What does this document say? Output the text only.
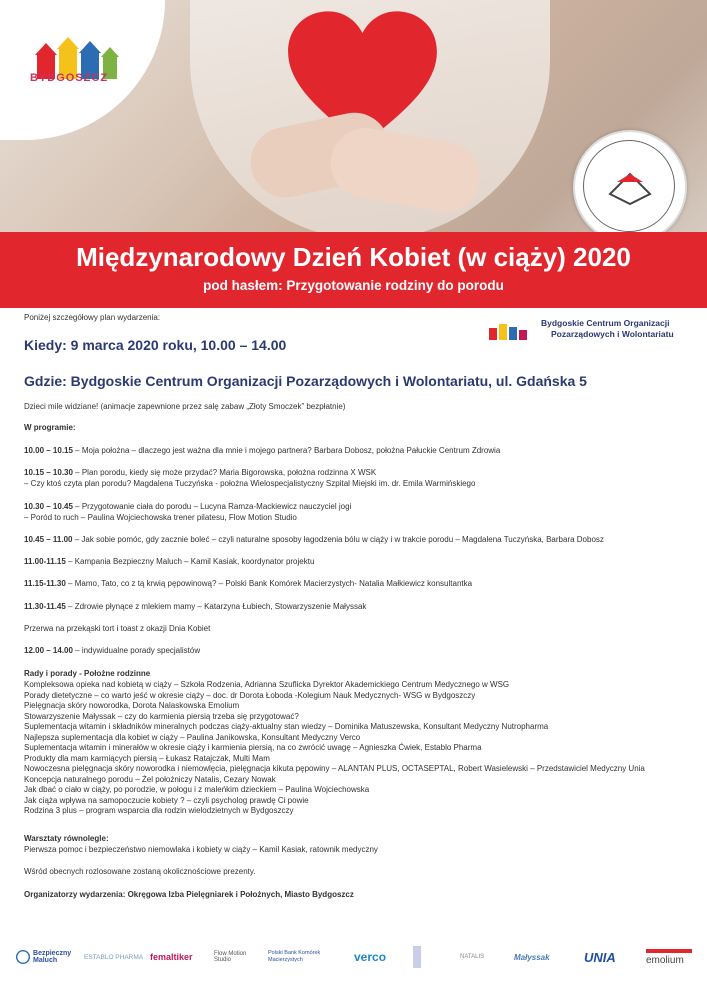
BYDGOSZCZ
Międzynarodowy Dzień Kobiet (w ciąży) 2020
pod hasłem: Przygotowanie rodziny do porodu
Bydgoskie Centrum Organizacji
Pozarządowych i Wolontariatu
Poniżej szczegółowy plan wydarzenia:
Kiedy: 9 marca 2020 roku, 10.00 – 14.00
Gdzie: Bydgoskie Centrum Organizacji Pozarządowych i Wolontariatu, ul. Gdańska 5
Dzieci mile widziane! (animacje zapewnione przez salę zabaw „Złoty Smoczek” bezpłatnie)
W programie:
10.00 – 10.15 – Moja położna – dlaczego jest ważna dla mnie i mojego partnera? Barbara Dobosz, położna Pałuckie Centrum Zdrowia
10.15 – 10.30 – Plan porodu, kiedy się może przydać? Maria Bigorowska, położna rodzinna X WSK
– Czy ktoś czyta plan porodu? Magdalena Tuczyńska - położna Wielospecjalistyczny Szpital Miejski im. dr. Emila Warmińskiego
10.30 – 10.45 – Przygotowanie ciała do porodu – Lucyna Ramza-Mackiewicz nauczyciel jogi
– Poród to ruch – Paulina Wojciechowska trener pilatesu, Flow Motion Studio
10.45 – 11.00 – Jak sobie pomóc, gdy zacznie boleć – czyli naturalne sposoby łagodzenia bólu w ciąży i w trakcie porodu – Magdalena Tuczyńska, Barbara Dobosz
11.00-11.15 – Kampania Bezpieczny Maluch – Kamil Kasiak, koordynator projektu
11.15-11.30 – Mamo, Tato, co z tą krwią pępowinową? – Polski Bank Komórek Macierzystych- Natalia Małkiewicz konsultantka
11.30-11.45 – Zdrowie płynące z mlekiem mamy – Katarzyna Łubiech, Stowarzyszenie Małyssak
Przerwa na przekąski tort i toast z okazji Dnia Kobiet
12.00 – 14.00 – indywidualne porady specjalistów
Rady i porady - Położne rodzinne
Kompleksowa opieka nad kobietą w ciąży – Szkoła Rodzenia, Adrianna Szuflicka Dyrektor Akademickiego Centrum Medycznego w WSG
Porady dietetyczne – co warto jeść w okresie ciąży – doc. dr Dorota Łoboda -Kolegium Nauk Medycznych- WSG w Bydgoszczy
Pielęgnacja skóry noworodka, Dorota Nalaskowska Emolium
Stowarzyszenie Małyssak – czy do karmienia piersią trzeba się przygotować?
Suplementacja witamin i składników mineralnych podczas ciąży-aktualny stan wiedzy – Dominika Matuszewska, Konsultant Medyczny Nutropharma
Najlepsza suplementacja dla kobiet w ciąży – Paulina Janikowska, Konsultant Medyczny Verco
Suplementacja witamin i minerałów w okresie ciąży i karmienia piersią, na co zwrócić uwagę – Agnieszka Ćwiek, Establo Pharma
Produkty dla mam karmiących piersią – Łukasz Ratajczak, Multi Mam
Nowoczesna pielęgnacja skóry noworodka i niemowlęcia, pielęgnacja kikuta pępowiny – ALANTAN PLUS, OCTASEPTAL, Robert Wasielewski – Przedstawiciel Medyczny Unia
Koncepcja naturalnego porodu – Żel położniczy Natalis, Cezary Nowak
Jak dbać o ciało w ciąży, po porodzie, w połogu i z maleńkim dzieckiem – Paulina Wojciechowska
Jak ciąża wpływa na samopoczucie kobiety ? – czyli psycholog prawdę Ci powie
Rodzina 3 plus – program wsparcia dla rodzin wielodzietnych w Bydgoszczy
Warsztaty równolegle:
Pierwsza pomoc i bezpieczeństwo niemowlaka i kobiety w ciąży – Kamil Kasiak, ratownik medyczny
Wśród obecnych rozlosowane zostaną okolicznościowe prezenty.
Organizatorzy wydarzenia: Okręgowa Izba Pielęgniarek i Położnych, Miasto Bydgoszcz
Bezpieczny Maluch	ESTABLO PHARMA femaltiker	Flow Motion Studio
Polski Bank Komórek Macierzystych	verco	NATALIS	Małyssak	UNIA	emolium
